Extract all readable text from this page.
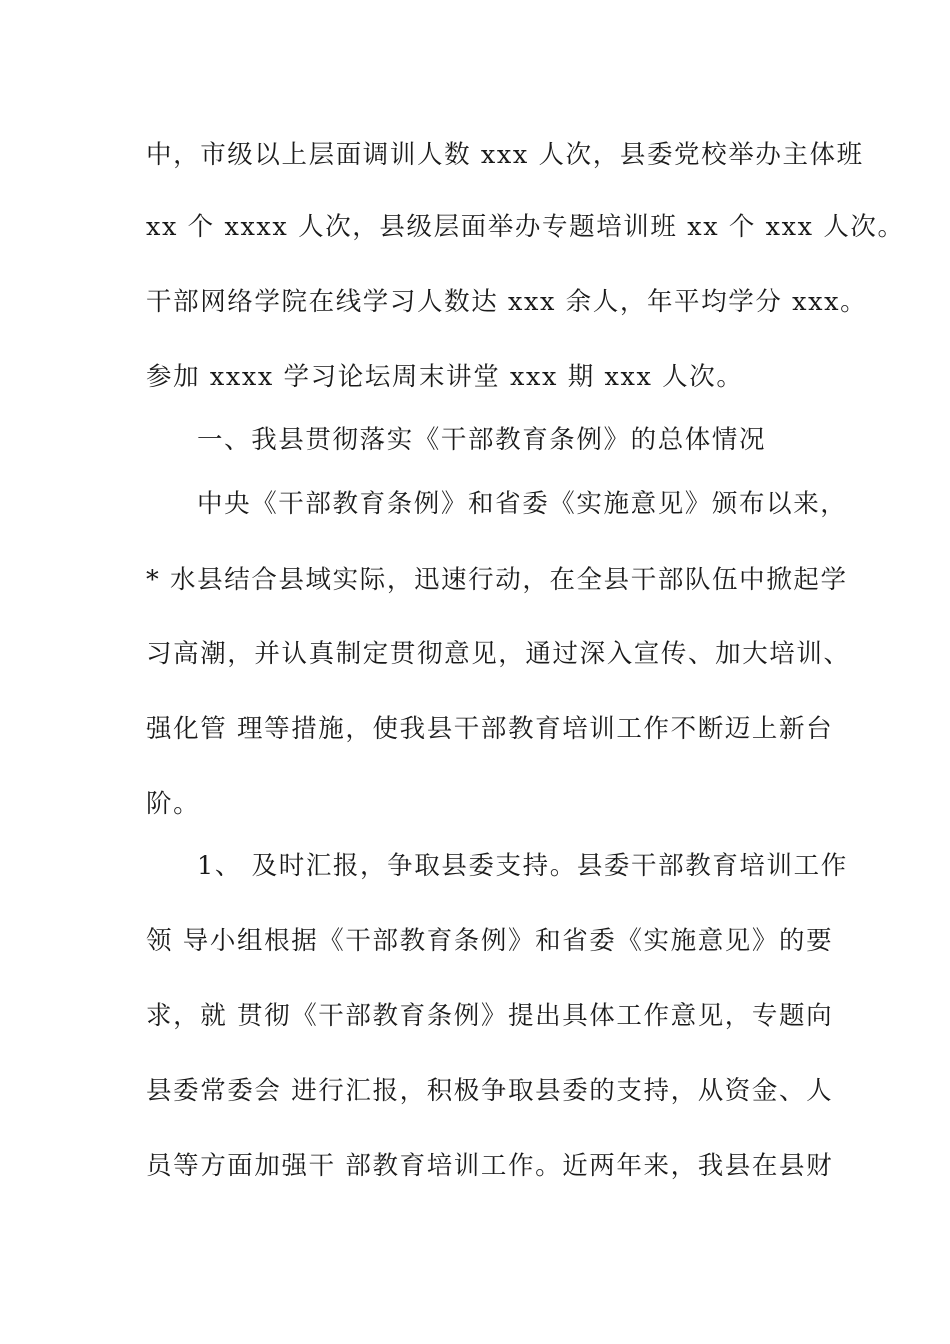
中，市级以上层面调训人数 xxx 人次，县委党校举办主体班
xx 个 xxxx 人次，县级层面举办专题培训班 xx 个 xxx 人次。
干部网络学院在线学习人数达 xxx 余人，年平均学分 xxx。
参加 xxxx 学习论坛周末讲堂 xxx 期 xxx 人次。
一、我县贯彻落实《干部教育条例》的总体情况
中央《干部教育条例》和省委《实施意见》颁布以来，
* 水县结合县域实际，迅速行动，在全县干部队伍中掀起学
习高潮，并认真制定贯彻意见，通过深入宣传、加大培训、
强化管 理等措施，使我县干部教育培训工作不断迈上新台
阶。
1、 及时汇报，争取县委支持。县委干部教育培训工作
领 导小组根据《干部教育条例》和省委《实施意见》的要
求，就 贯彻《干部教育条例》提出具体工作意见，专题向
县委常委会 进行汇报，积极争取县委的支持，从资金、人
员等方面加强干 部教育培训工作。近两年来，我县在县财
